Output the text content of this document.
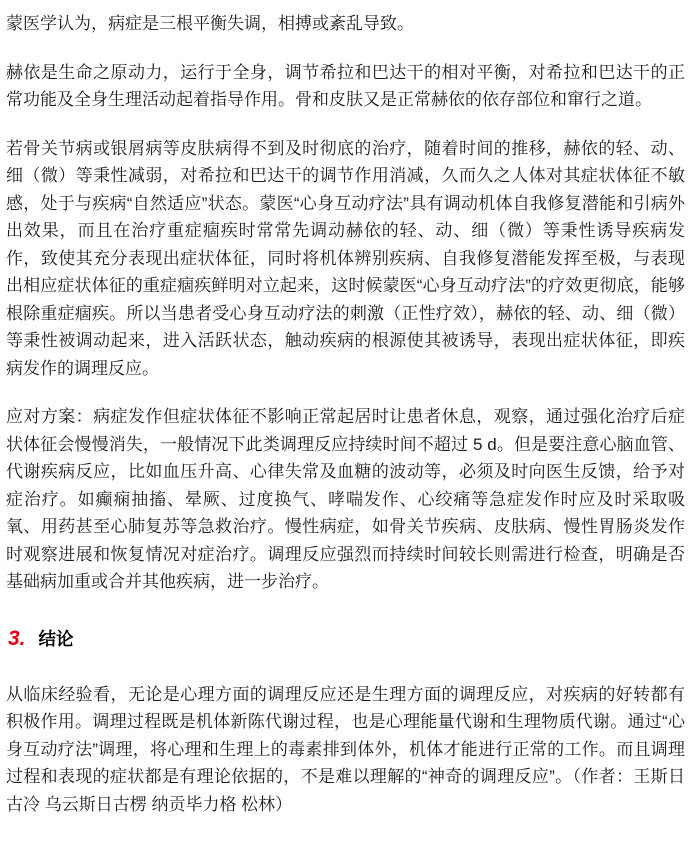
蒙医学认为，病症是三根平衡失调，相搏或紊乱导致。

赫依是生命之原动力，运行于全身，调节希拉和巴达干的相对平衡，对希拉和巴达干的正常功能及全身生理活动起着指导作用。骨和皮肤又是正常赫依的依存部位和窜行之道。

若骨关节病或银屑病等皮肤病得不到及时彻底的治疗，随着时间的推移，赫依的轻、动、细（微）等秉性减弱，对希拉和巴达干的调节作用消减，久而久之人体对其症状体征不敏感，处于与疾病“自然适应”状态。蒙医“心身互动疗法”具有调动机体自我修复潜能和引病外出效果，而且在治疗重症痼疾时常常先调动赫依的轻、动、细（微）等秉性诱导疾病发作，致使其充分表现出症状体征，同时将机体辨别疾病、自我修复潜能发挥至极，与表现出相应症状体征的重症痼疾鲜明对立起来，这时候蒙医“心身互动疗法”的疗效更彻底，能够根除重症痼疾。所以当患者受心身互动疗法的刺激（正性疗效），赫依的轻、动、细（微）等秉性被调动起来，进入活跃状态，触动疾病的根源使其被诱导，表现出症状体征，即疾病发作的调理反应。

应对方案：病症发作但症状体征不影响正常起居时让患者休息，观察，通过强化治疗后症状体征会慢慢消失，一般情况下此类调理反应持续时间不超过 5 d。但是要注意心脑血管、代谢疾病反应，比如血压升高、心律失常及血糖的波动等，必须及时向医生反馈，给予对症治疗。如癫痫抽搐、晕厥、过度换气、哮喘发作、心绞痛等急症发作时应及时采取吸氧、用药甚至心肺复苏等急救治疗。慢性病症，如骨关节疾病、皮肤病、慢性胃肠炎发作时观察进展和恢复情况对症治疗。调理反应强烈而持续时间较长则需进行检查，明确是否基础病加重或合并其他疾病，进一步治疗。

3. 结论

从临床经验看，无论是心理方面的调理反应还是生理方面的调理反应，对疾病的好转都有积极作用。调理过程既是机体新陈代谢过程，也是心理能量代谢和生理物质代谢。通过“心身互动疗法”调理，将心理和生理上的毒素排到体外，机体才能进行正常的工作。而且调理过程和表现的症状都是有理论依据的，不是难以理解的“神奇的调理反应”。（作者：王斯日古冷 乌云斯日古楞 纳贡毕力格 松林）
